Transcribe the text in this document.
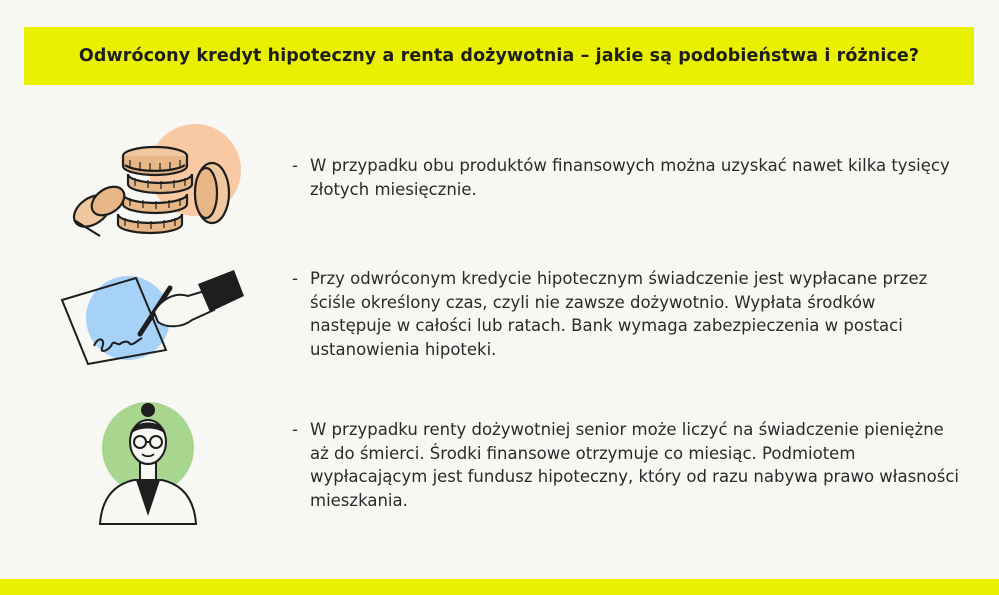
Odwrócony kredyt hipoteczny a renta dożywotnia – jakie są podobieństwa i różnice?
- W przypadku obu produktów finansowych można uzyskać nawet kilka tysięcy złotych miesięcznie.
- Przy odwróconym kredycie hipotecznym świadczenie jest wypłacane przez ściśle określony czas, czyli nie zawsze dożywotnio. Wypłata środków następuje w całości lub ratach. Bank wymaga zabezpieczenia w postaci ustanowienia hipoteki.
- W przypadku renty dożywotniej senior może liczyć na świadczenie pieniężne aż do śmierci. Środki finansowe otrzymuje co miesiąc. Podmiotem wypłacającym jest fundusz hipoteczny, który od razu nabywa prawo własności mieszkania.
